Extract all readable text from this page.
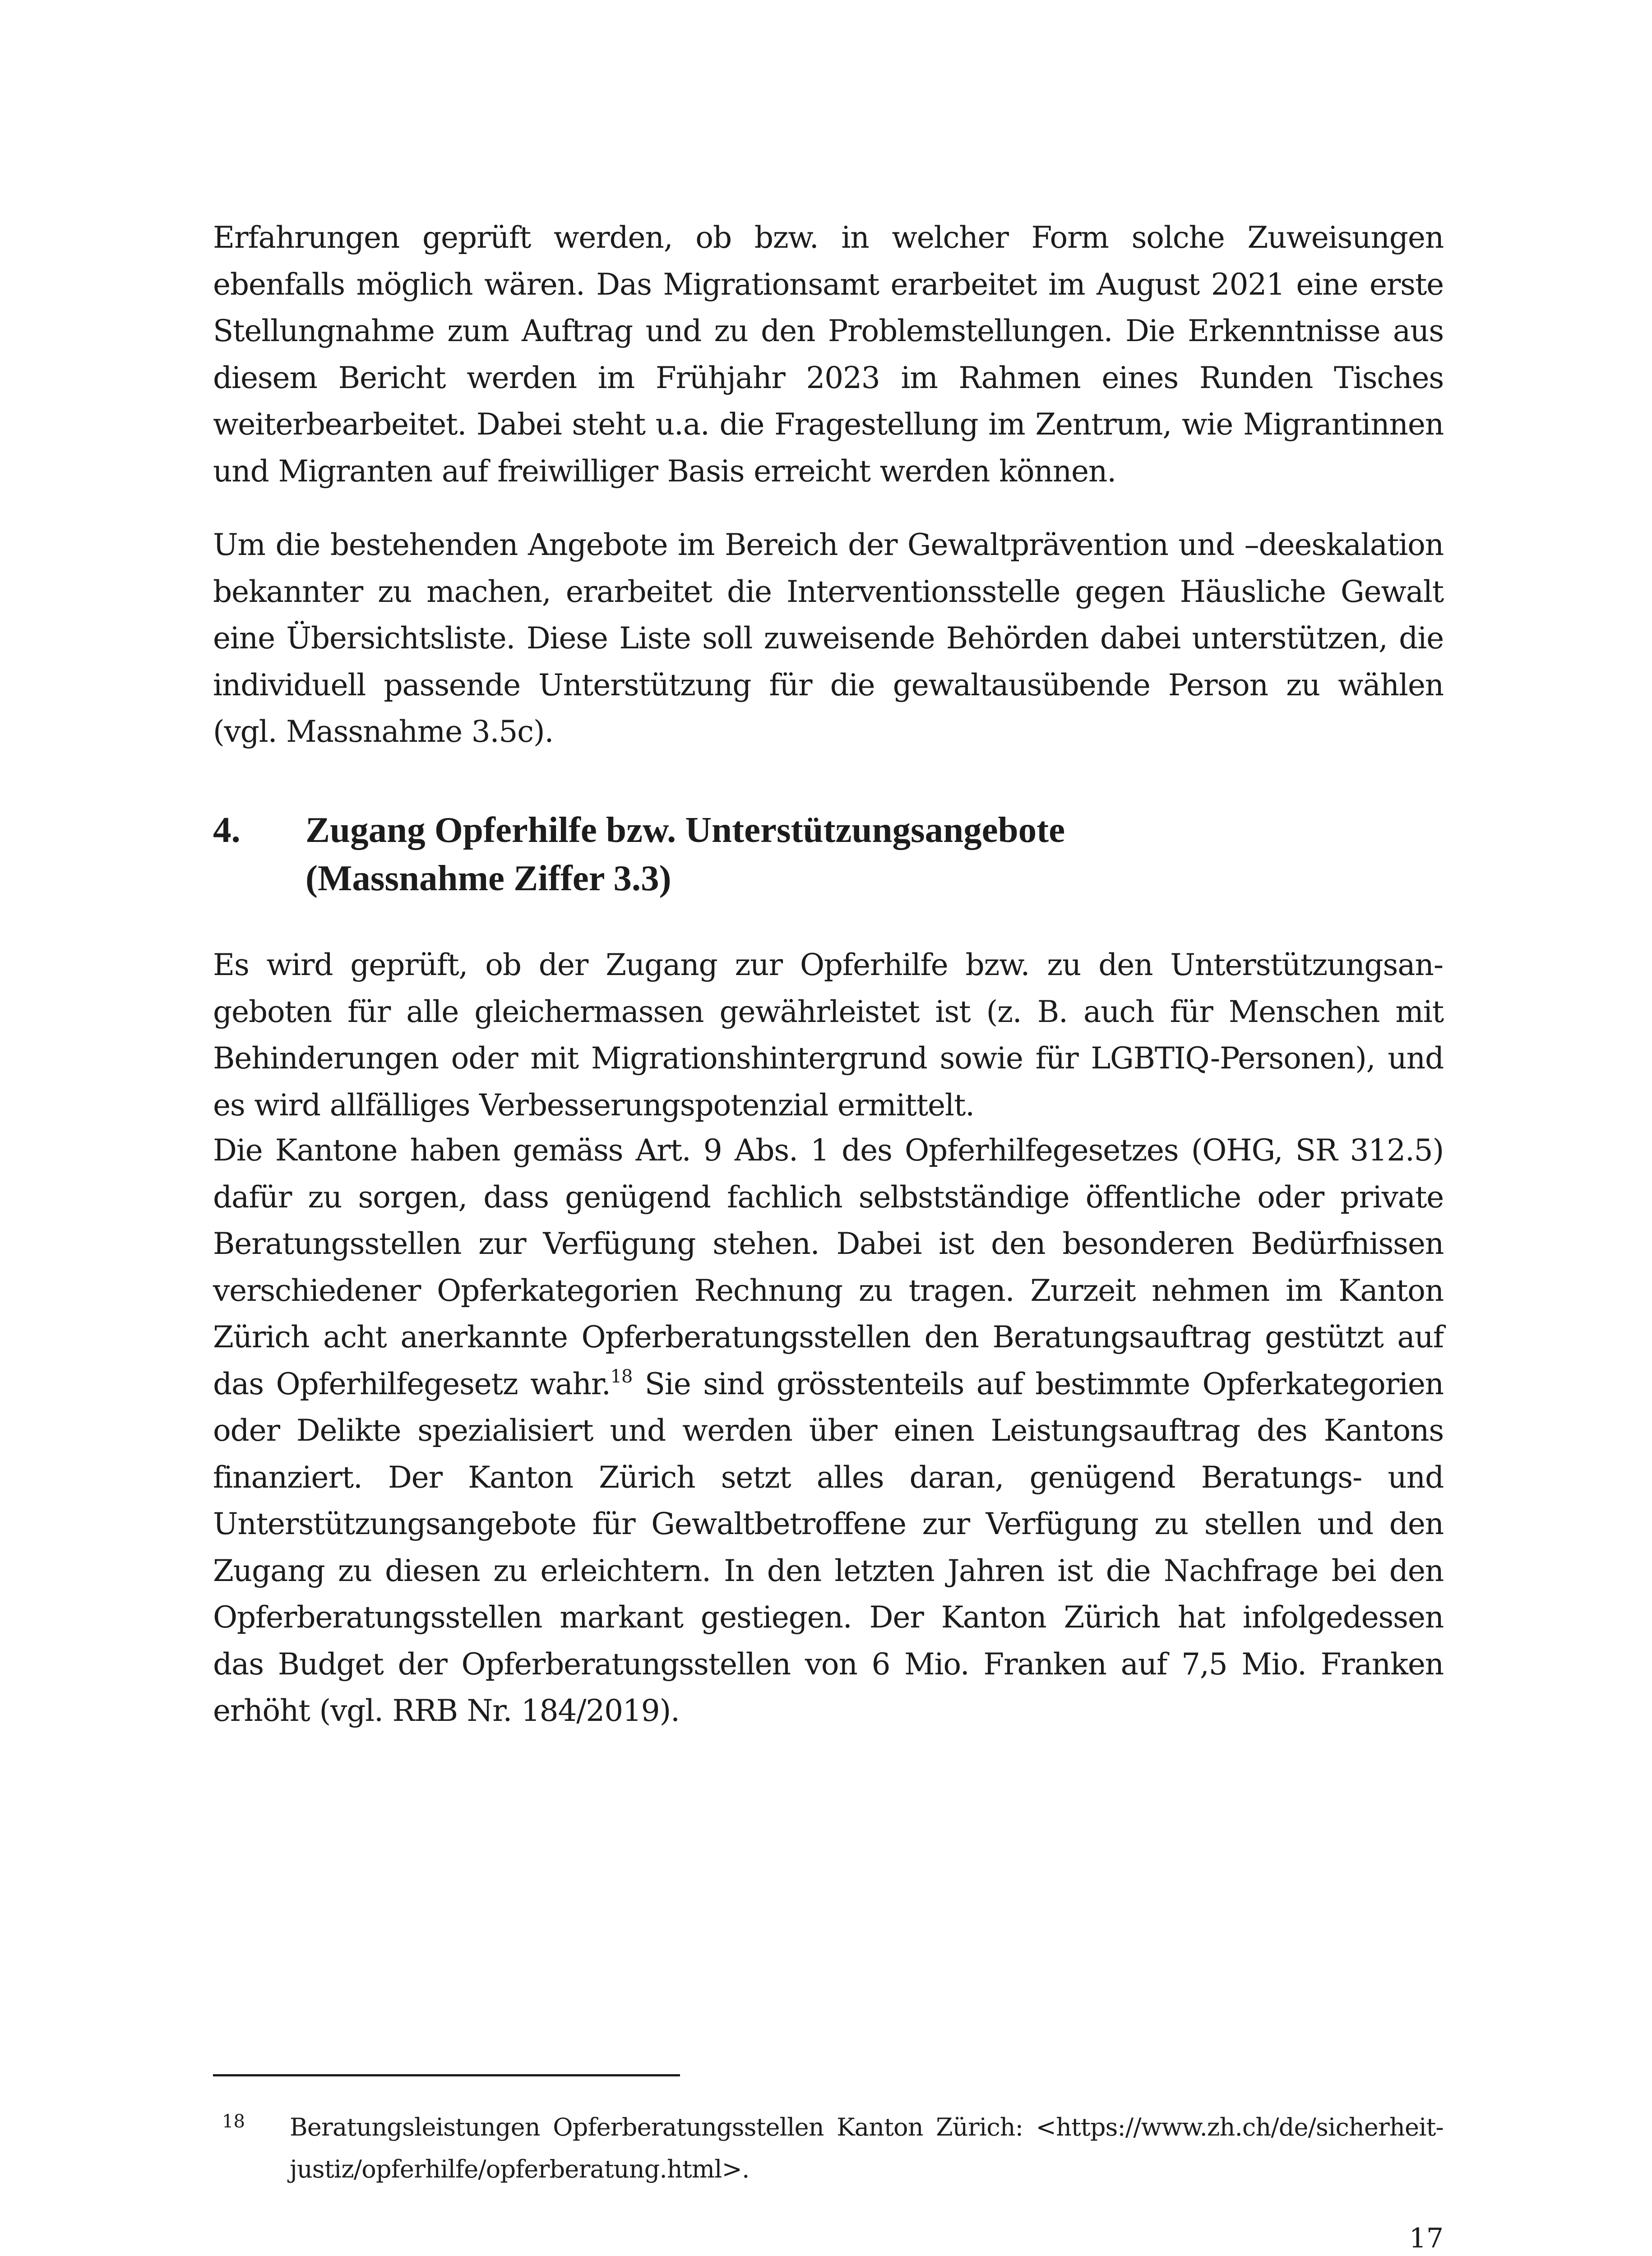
Erfahrungen geprüft werden, ob bzw. in welcher Form solche Zuweisungen ebenfalls möglich wären. Das Migrationsamt erarbeitet im August 2021 eine erste Stellungnahme zum Auftrag und zu den Problemstellungen. Die Erkenntnisse aus diesem Bericht werden im Frühjahr 2023 im Rahmen eines Runden Tisches weiterbearbeitet. Dabei steht u.a. die Fragestellung im Zentrum, wie Migrantinnen und Migranten auf freiwilliger Basis erreicht werden können.

Um die bestehenden Angebote im Bereich der Gewaltprävention und –deeskalation bekannter zu machen, erarbeitet die Interventionsstelle gegen Häusliche Gewalt eine Übersichtsliste. Diese Liste soll zuweisende Behörden dabei unterstützen, die individuell passende Unterstützung für die gewaltausübende Person zu wählen (vgl. Massnahme 3.5c).

4. Zugang Opferhilfe bzw. Unterstützungsangebote
(Massnahme Ziffer 3.3)

Es wird geprüft, ob der Zugang zur Opferhilfe bzw. zu den Unterstützungsangeboten für alle gleichermassen gewährleistet ist (z. B. auch für Menschen mit Behinderungen oder mit Migrationshintergrund sowie für LGBTIQ-Personen), und es wird allfälliges Verbesserungspotenzial ermittelt.

Die Kantone haben gemäss Art. 9 Abs. 1 des Opferhilfegesetzes (OHG, SR 312.5) dafür zu sorgen, dass genügend fachlich selbstständige öffentliche oder private Beratungsstellen zur Verfügung stehen. Dabei ist den besonderen Bedürfnissen verschiedener Opferkategorien Rechnung zu tragen. Zurzeit nehmen im Kanton Zürich acht anerkannte Opferberatungsstellen den Beratungsauftrag gestützt auf das Opferhilfegesetz wahr.$^{18}$ Sie sind grösstenteils auf bestimmte Opferkategorien oder Delikte spezialisiert und werden über einen Leistungsauftrag des Kantons finanziert. Der Kanton Zürich setzt alles daran, genügend Beratungs- und Unterstützungsangebote für Gewaltbetroffene zur Verfügung zu stellen und den Zugang zu diesen zu erleichtern. In den letzten Jahren ist die Nachfrage bei den Opferberatungsstellen markant gestiegen. Der Kanton Zürich hat infolgedessen das Budget der Opferberatungsstellen von 6 Mio. Franken auf 7,5 Mio. Franken erhöht (vgl. RRB Nr. 184/2019).

18 Beratungsleistungen Opferberatungsstellen Kanton Zürich: <https://www.zh.ch/de/sicherheit-justiz/opferhilfe/opferberatung.html>.
17
